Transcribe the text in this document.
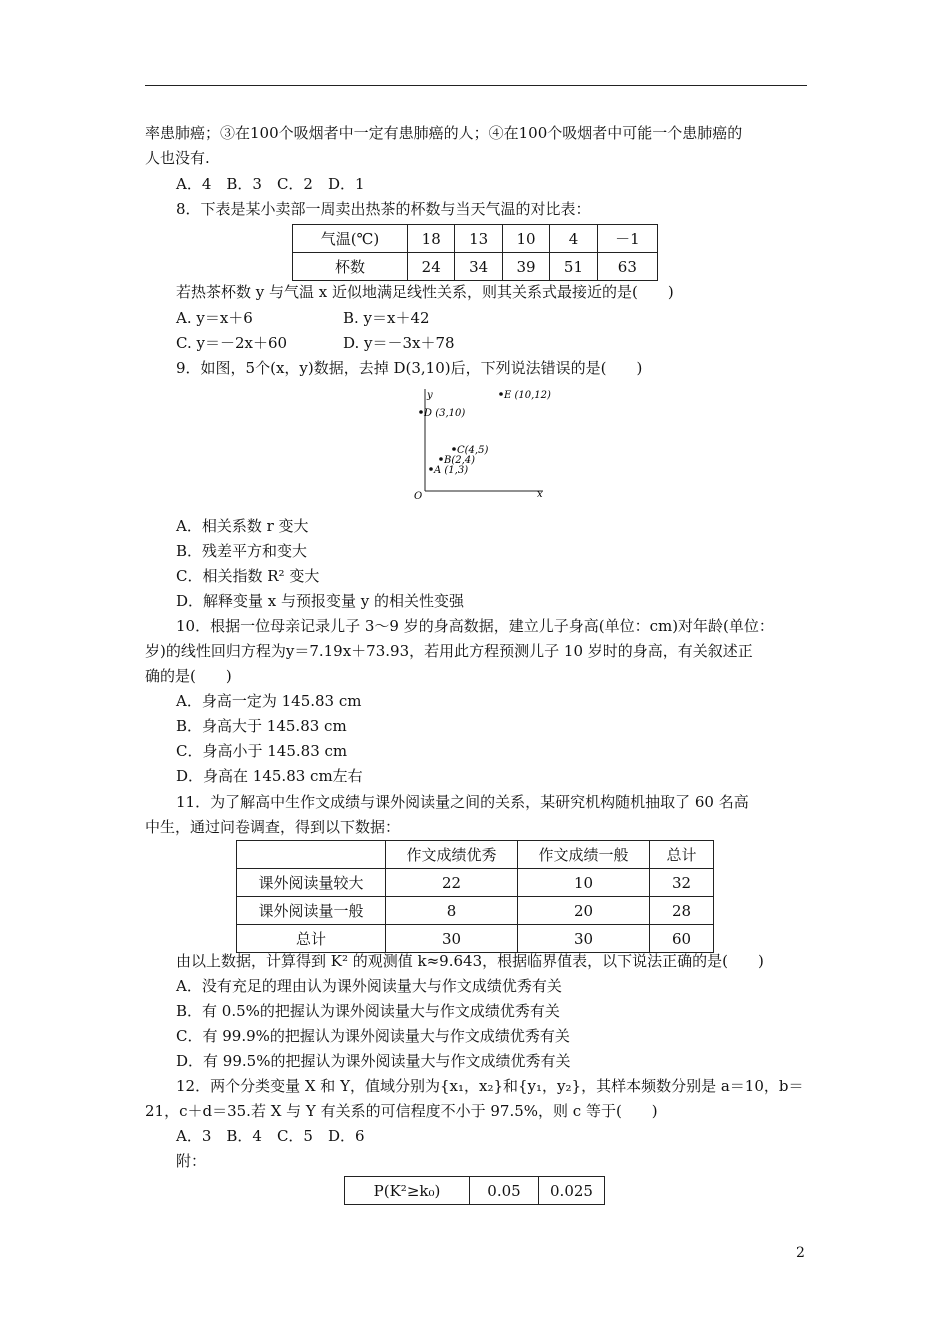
率患肺癌；③在100个吸烟者中一定有患肺癌的人；④在100个吸烟者中可能一个患肺癌的
人也没有.
A．4　B．3　C．2　D．1
8．下表是某小卖部一周卖出热茶的杯数与当天气温的对比表：
气温(℃)	18	13	10	4	－1
杯数	24	34	39	51	63
若热茶杯数 y 与气温 x 近似地满足线性关系，则其关系式最接近的是(　　)
A. y＝x＋6	B. y＝x＋42
C. y＝－2x＋60	D. y＝－3x＋78
9．如图，5个(x，y)数据，去掉 D(3,10)后，下列说法错误的是(　　)
y
x
O
A (1,3)
B(2,4)
C(4,5)
D (3,10)
E (10,12)
A．相关系数 r 变大
B．残差平方和变大
C．相关指数 R² 变大
D．解释变量 x 与预报变量 y 的相关性变强
10．根据一位母亲记录儿子 3～9 岁的身高数据，建立儿子身高(单位：cm)对年龄(单位：
岁)的线性回归方程为y＝7.19x＋73.93，若用此方程预测儿子 10 岁时的身高，有关叙述正
确的是(　　)
A．身高一定为 145.83 cm
B．身高大于 145.83 cm
C．身高小于 145.83 cm
D．身高在 145.83 cm左右
11．为了解高中生作文成绩与课外阅读量之间的关系，某研究机构随机抽取了 60 名高
中生，通过问卷调查，得到以下数据：
	作文成绩优秀	作文成绩一般	总计
课外阅读量较大	22	10	32
课外阅读量一般	8	20	28
总计	30	30	60
由以上数据，计算得到 K² 的观测值 k≈9.643，根据临界值表，以下说法正确的是(　　)
A．没有充足的理由认为课外阅读量大与作文成绩优秀有关
B．有 0.5%的把握认为课外阅读量大与作文成绩优秀有关
C．有 99.9%的把握认为课外阅读量大与作文成绩优秀有关
D．有 99.5%的把握认为课外阅读量大与作文成绩优秀有关
12．两个分类变量 X 和 Y，值域分别为{x₁，x₂}和{y₁，y₂}，其样本频数分别是 a＝10，b＝
21，c＋d＝35.若 X 与 Y 有关系的可信程度不小于 97.5%，则 c 等于(　　)
A．3　B．4　C．5　D．6
附：
P(K²≥k₀)	0.05	0.025
2
